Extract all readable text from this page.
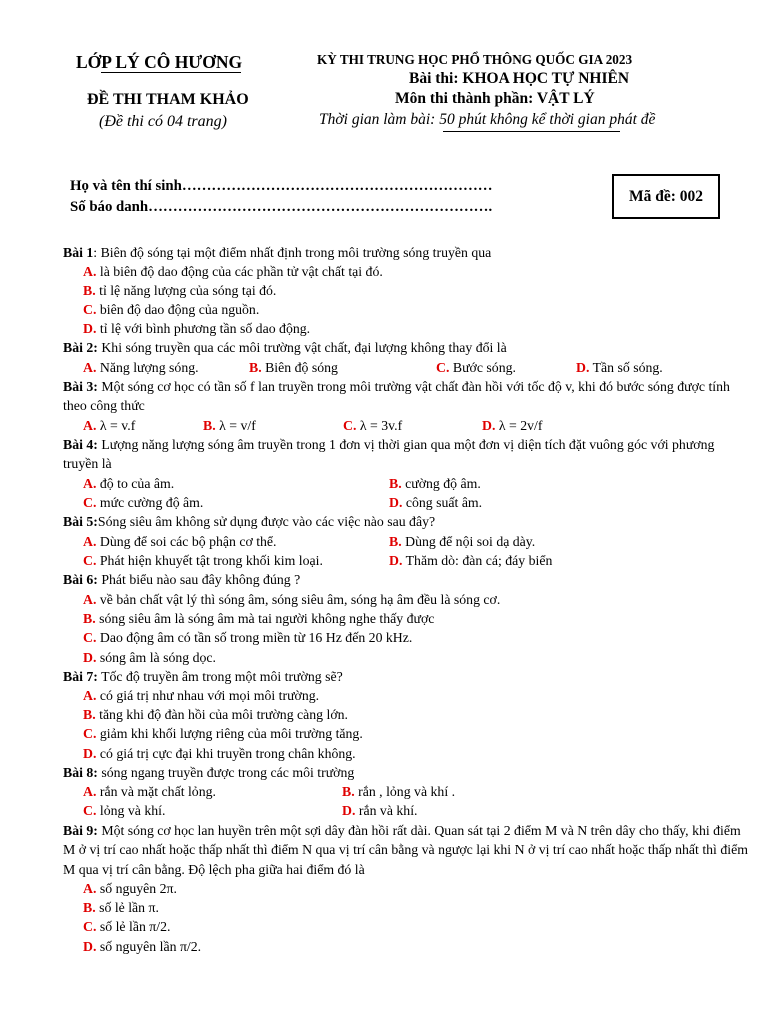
LỚP LÝ CÔ HƯƠNG
ĐỀ THI THAM KHẢO
(Đề thi có 04 trang)
KỲ THI TRUNG HỌC PHỔ THÔNG QUỐC GIA 2023
Bài thi: KHOA HỌC TỰ NHIÊN
Môn thi thành phần: VẬT LÝ
Thời gian làm bài: 50 phút không kể thời gian phát đề
Họ và tên thí sinh………………………………………………………
Số báo danh…………………………………………………………….
Mã đề: 002
Bài 1: Biên độ sóng tại một điểm nhất định trong môi trường sóng truyền qua
A. là biên độ dao động của các phần tử vật chất tại đó.
B. tỉ lệ năng lượng của sóng tại đó.
C. biên độ dao động của nguồn.
D. tỉ lệ với bình phương tần số dao động.
Bài 2: Khi sóng truyền qua các môi trường vật chất, đại lượng không thay đổi là
A. Năng lượng sóng.	B. Biên độ sóng	C. Bước sóng.	D. Tần số sóng.
Bài 3: Một sóng cơ học có tần số f lan truyền trong môi trường vật chất đàn hồi với tốc độ v, khi đó bước sóng được tính theo công thức
A. λ = v.f	B. λ = v/f	C. λ = 3v.f	D. λ = 2v/f
Bài 4: Lượng năng lượng sóng âm truyền trong 1 đơn vị thời gian qua một đơn vị diện tích đặt vuông góc với phương truyền là
A. độ to của âm.	B. cường độ âm.
C. mức cường độ âm.	D. công suất âm.
Bài 5:Sóng siêu âm không sử dụng được vào các việc nào sau đây?
A. Dùng để soi các bộ phận cơ thể.	B. Dùng để nội soi dạ dày.
C. Phát hiện khuyết tật trong khối kim loại.	D. Thăm dò: đàn cá; đáy biển
Bài 6: Phát biểu nào sau đây không đúng ?
A. về bản chất vật lý thì sóng âm, sóng siêu âm, sóng hạ âm đều là sóng cơ.
B. sóng siêu âm là sóng âm mà tai người không nghe thấy được
C. Dao động âm có tần số trong miền từ 16 Hz đến 20 kHz.
D. sóng âm là sóng dọc.
Bài 7: Tốc độ truyền âm trong một môi trường sẽ?
A. có giá trị như nhau với mọi môi trường.
B. tăng khi độ đàn hồi của môi trường càng lớn.
C. giảm khi khối lượng riêng của môi trường tăng.
D. có giá trị cực đại khi truyền trong chân không.
Bài 8: sóng ngang truyền được trong các môi trường
A. rắn và mặt chất lỏng.	B. rắn , lỏng và khí .
C. lỏng và khí.	D. rắn và khí.
Bài 9: Một sóng cơ học lan huyền trên một sợi dây đàn hồi rất dài. Quan sát tại 2 điểm M và N trên dây cho thấy, khi điểm M ở vị trí cao nhất hoặc thấp nhất thì điểm N qua vị trí cân bằng và ngược lại khi N ở vị trí cao nhất hoặc thấp nhất thì điểm M qua vị trí cân bằng. Độ lệch pha giữa hai điểm đó là
A. số nguyên 2π.
B. số lẻ lần π.
C. số lẻ lần π/2.
D. số nguyên lần π/2.
